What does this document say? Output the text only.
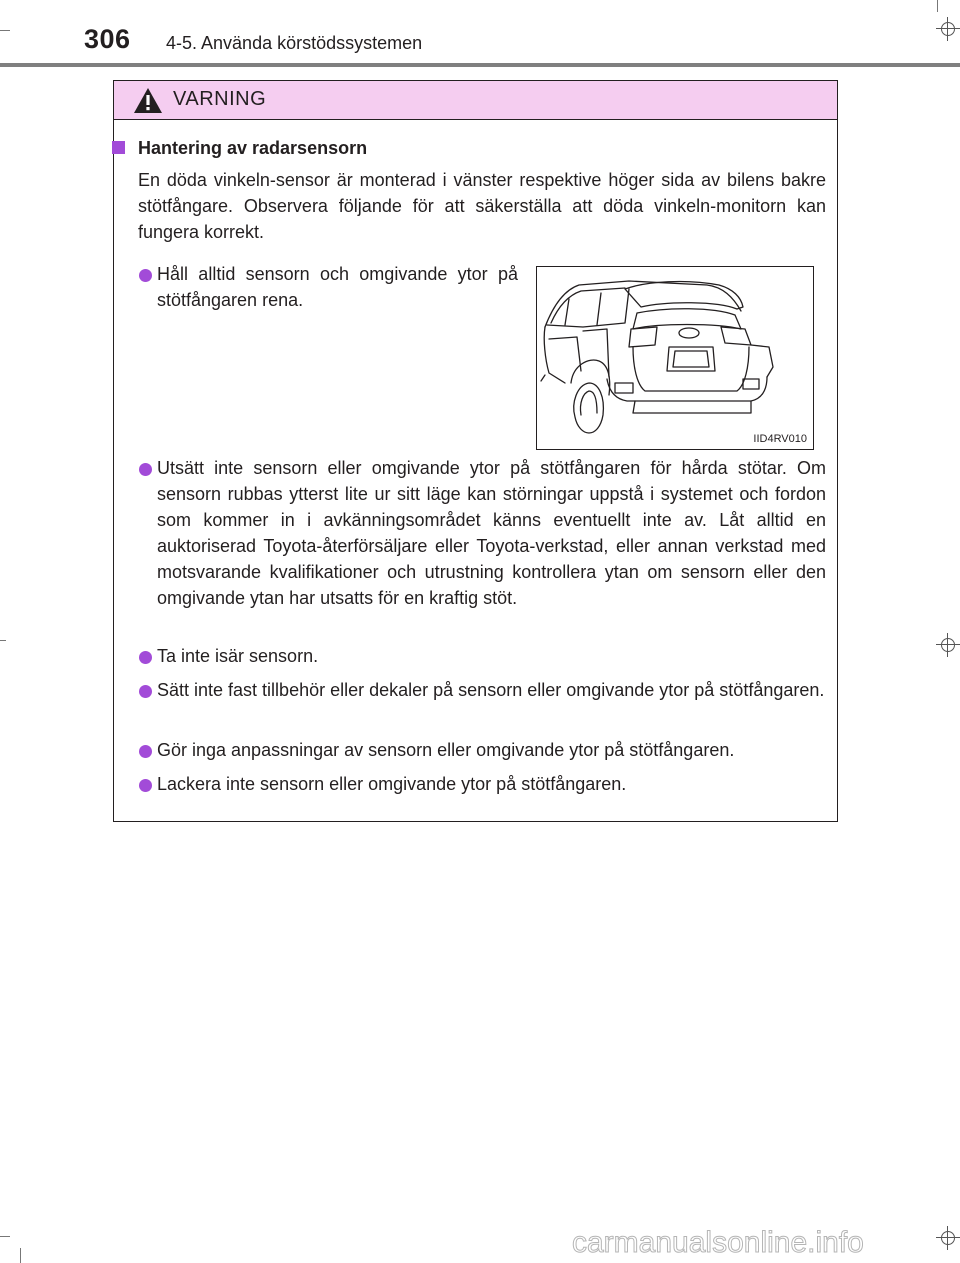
306 4-5. Använda körstödssystemen
VARNING
Hantering av radarsensorn
En döda vinkeln-sensor är monterad i vänster respektive höger sida av bilens bakre stötfångare. Observera följande för att säkerställa att döda vinkeln-monitorn kan fungera korrekt.
Håll alltid sensorn och omgivande ytor på stötfångaren rena.
IID4RV010
Utsätt inte sensorn eller omgivande ytor på stötfångaren för hårda stötar. Om sensorn rubbas ytterst lite ur sitt läge kan störningar uppstå i systemet och fordon som kommer in i avkänningsområdet känns eventuellt inte av. Låt alltid en auktoriserad Toyota-återförsäljare eller Toyota-verkstad, eller annan verkstad med motsvarande kvalifikationer och utrustning kontrollera ytan om sensorn eller den omgivande ytan har utsatts för en kraftig stöt.
Ta inte isär sensorn.
Sätt inte fast tillbehör eller dekaler på sensorn eller omgivande ytor på stötfångaren.
Gör inga anpassningar av sensorn eller omgivande ytor på stötfångaren.
Lackera inte sensorn eller omgivande ytor på stötfångaren.
carmanualsonline.info
